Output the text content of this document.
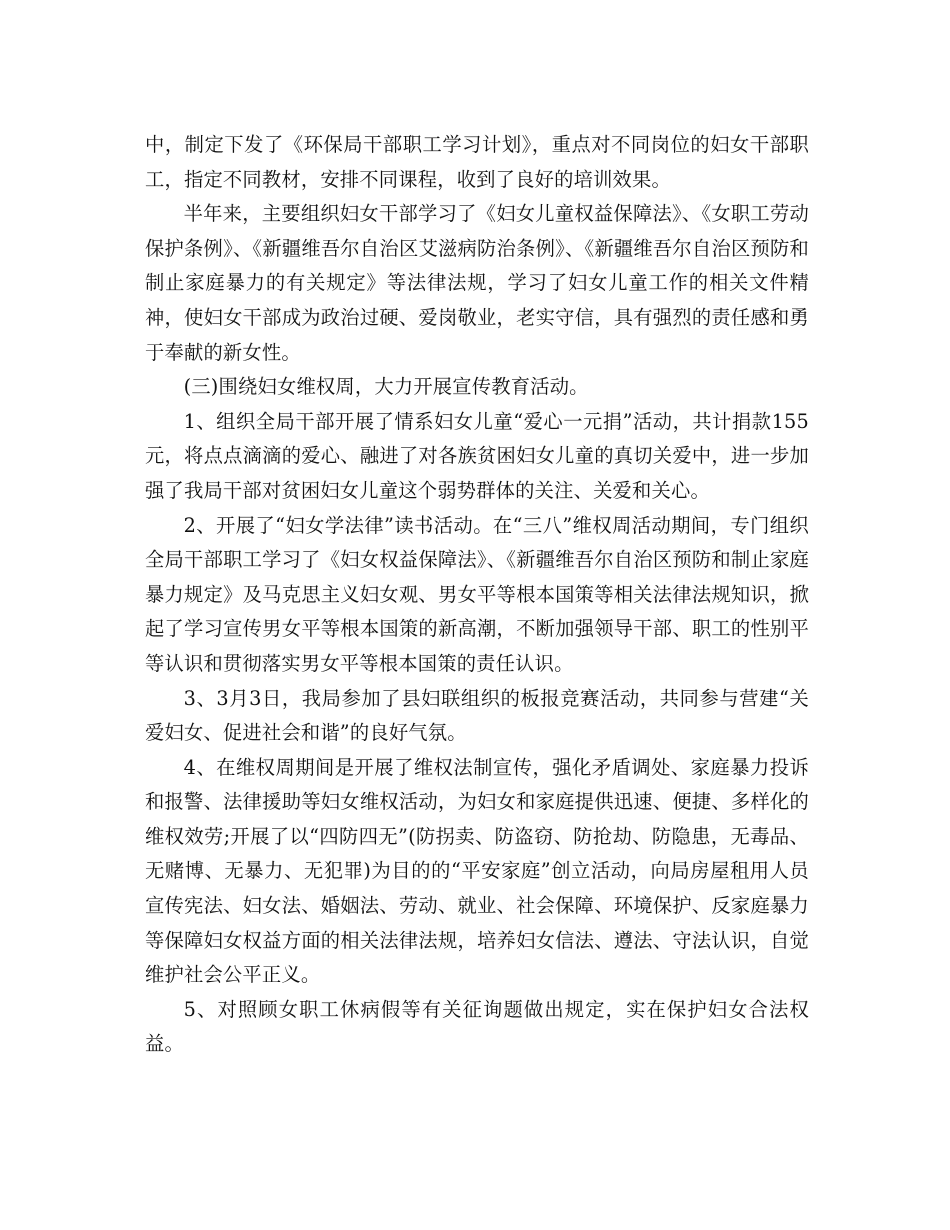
中，制定下发了《环保局干部职工学习计划》，重点对不同岗位的妇女干部职工，指定不同教材，安排不同课程，收到了良好的培训效果。

半年来，主要组织妇女干部学习了《妇女儿童权益保障法》、《女职工劳动保护条例》、《新疆维吾尔自治区艾滋病防治条例》、《新疆维吾尔自治区预防和制止家庭暴力的有关规定》等法律法规，学习了妇女儿童工作的相关文件精神，使妇女干部成为政治过硬、爱岗敬业，老实守信，具有强烈的责任感和勇于奉献的新女性。

(三)围绕妇女维权周，大力开展宣传教育活动。

1、组织全局干部开展了情系妇女儿童“爱心一元捐”活动，共计捐款155元，将点点滴滴的爱心、融进了对各族贫困妇女儿童的真切关爱中，进一步加强了我局干部对贫困妇女儿童这个弱势群体的关注、关爱和关心。

2、开展了“妇女学法律”读书活动。在“三八”维权周活动期间，专门组织全局干部职工学习了《妇女权益保障法》、《新疆维吾尔自治区预防和制止家庭暴力规定》及马克思主义妇女观、男女平等根本国策等相关法律法规知识，掀起了学习宣传男女平等根本国策的新高潮，不断加强领导干部、职工的性别平等认识和贯彻落实男女平等根本国策的责任认识。

3、3月3日，我局参加了县妇联组织的板报竞赛活动，共同参与营建“关爱妇女、促进社会和谐”的良好气氛。

4、在维权周期间是开展了维权法制宣传，强化矛盾调处、家庭暴力投诉和报警、法律援助等妇女维权活动，为妇女和家庭提供迅速、便捷、多样化的维权效劳;开展了以“四防四无”(防拐卖、防盗窃、防抢劫、防隐患，无毒品、无赌博、无暴力、无犯罪)为目的的“平安家庭”创立活动，向局房屋租用人员宣传宪法、妇女法、婚姻法、劳动、就业、社会保障、环境保护、反家庭暴力等保障妇女权益方面的相关法律法规，培养妇女信法、遵法、守法认识，自觉维护社会公平正义。

5、对照顾女职工休病假等有关征询题做出规定，实在保护妇女合法权益。
